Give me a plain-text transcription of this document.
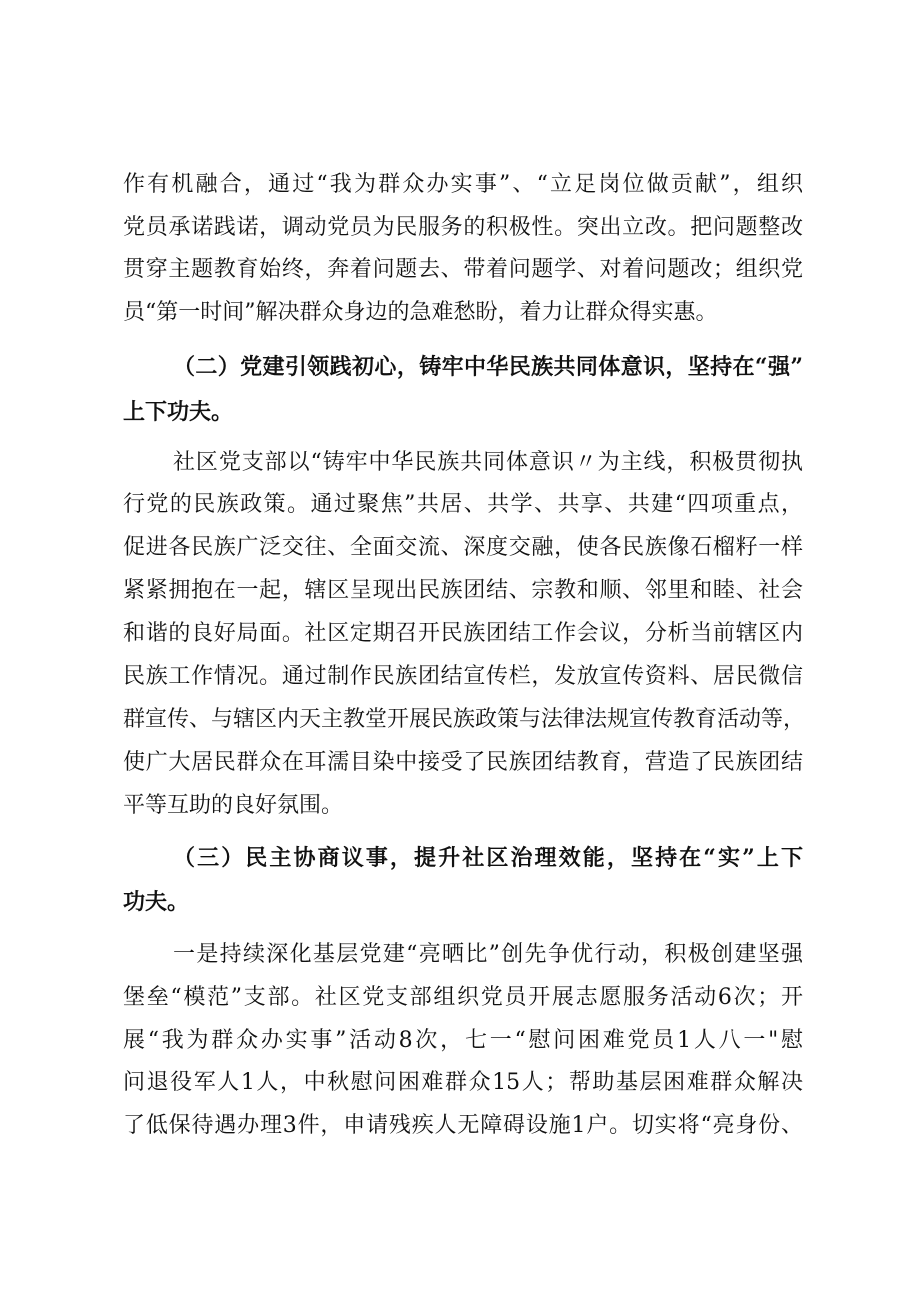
作有机融合，通过“我为群众办实事”、“立足岗位做贡献”，组织
党员承诺践诺，调动党员为民服务的积极性。突出立改。把问题整改
贯穿主题教育始终，奔着问题去、带着问题学、对着问题改；组织党
员“第一时间”解决群众身边的急难愁盼，着力让群众得实惠。
（二）党建引领践初心，铸牢中华民族共同体意识，坚持在“强”
上下功夫。
社区党支部以“铸牢中华民族共同体意识〃为主线，积极贯彻执
行党的民族政策。通过聚焦”共居、共学、共享、共建“四项重点，
促进各民族广泛交往、全面交流、深度交融，使各民族像石榴籽一样
紧紧拥抱在一起，辖区呈现出民族团结、宗教和顺、邻里和睦、社会
和谐的良好局面。社区定期召开民族团结工作会议，分析当前辖区内
民族工作情况。通过制作民族团结宣传栏，发放宣传资料、居民微信
群宣传、与辖区内天主教堂开展民族政策与法律法规宣传教育活动等，
使广大居民群众在耳濡目染中接受了民族团结教育，营造了民族团结
平等互助的良好氛围。
（三）民主协商议事，提升社区治理效能，坚持在“实”上下
功夫。
一是持续深化基层党建“亮晒比”创先争优行动，积极创建坚强
堡垒“模范”支部。社区党支部组织党员开展志愿服务活动6次；开
展“我为群众办实事”活动8次，七一“慰问困难党员1人八一"慰
问退役军人1人，中秋慰问困难群众15人；帮助基层困难群众解决
了低保待遇办理3件，申请残疾人无障碍设施1户。切实将“亮身份、
